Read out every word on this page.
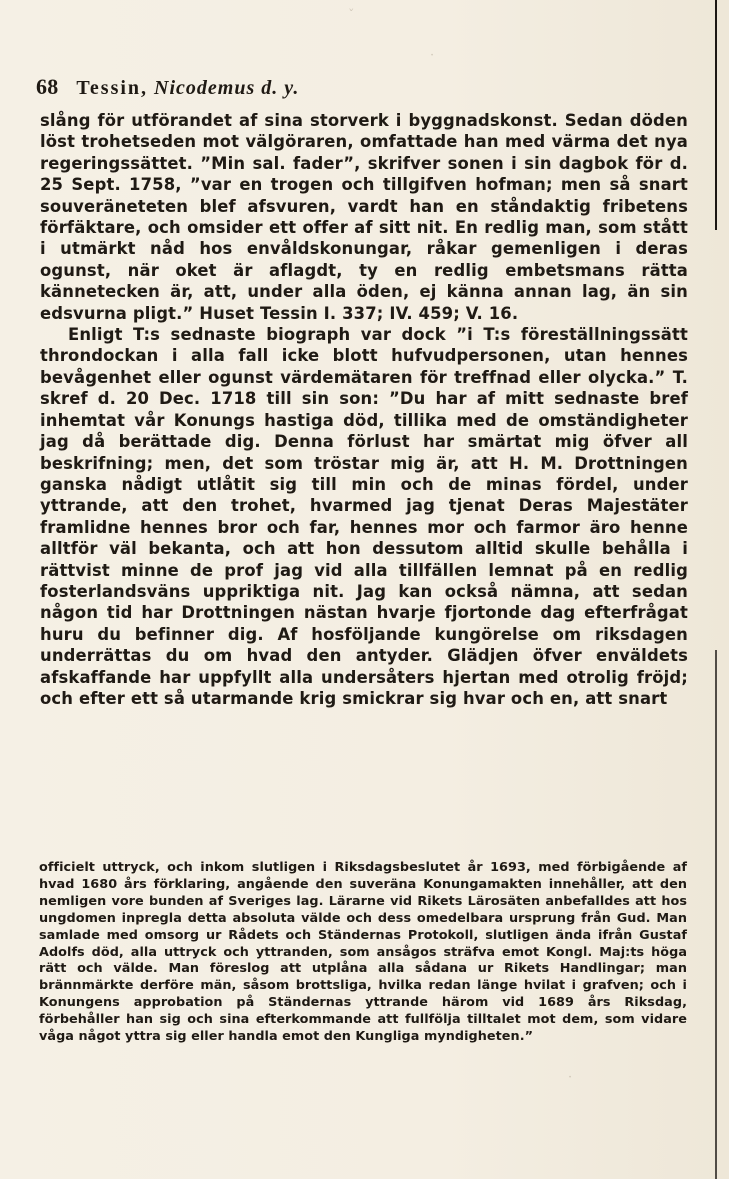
ˇ
·
·
68 Tessin, Nicodemus d. y.

slång för utförandet af sina storverk i byggnadskonst. Sedan döden löst trohetseden mot välgöraren, omfattade han med värma det nya regeringssättet. ”Min sal. fader”, skrifver sonen i sin dagbok för d. 25 Sept. 1758, ”var en trogen och tillgifven hofman; men så snart souveräneteten blef afsvuren, vardt han en ståndaktig fribetens förfäktare, och omsider ett offer af sitt nit. En redlig man, som stått i utmärkt nåd hos envåldskonungar, råkar gemenligen i deras ogunst, när oket är aflagdt, ty en redlig embetsmans rätta kännetecken är, att, under alla öden, ej känna annan lag, än sin edsvurna pligt.” Huset Tessin I. 337; IV. 459; V. 16.

Enligt T:s sednaste biograph var dock ”i T:s föreställningssätt throndockan i alla fall icke blott hufvudpersonen, utan hennes bevågenhet eller ogunst värdemätaren för treffnad eller olycka.” T. skref d. 20 Dec. 1718 till sin son: ”Du har af mitt sednaste bref inhemtat vår Konungs hastiga död, tillika med de omständigheter jag då berättade dig. Denna förlust har smärtat mig öfver all beskrifning; men, det som tröstar mig är, att H. M. Drottningen ganska nådigt utlåtit sig till min och de minas fördel, under yttrande, att den trohet, hvarmed jag tjenat Deras Majestäter framlidne hennes bror och far, hennes mor och farmor äro henne alltför väl bekanta, och att hon dessutom alltid skulle behålla i rättvist minne de prof jag vid alla tillfällen lemnat på en redlig fosterlandsväns uppriktiga nit. Jag kan också nämna, att sedan någon tid har Drottningen nästan hvarje fjortonde dag efterfrågat huru du befinner dig. Af hosföljande kungörelse om riksdagen underrättas du om hvad den antyder. Glädjen öfver enväldets afskaffande har uppfyllt alla undersåters hjertan med otrolig fröjd; och efter ett så utarmande krig smickrar sig hvar och en, att snart

officielt uttryck, och inkom slutligen i Riksdagsbeslutet år 1693, med förbigående af hvad 1680 års förklaring, angående den suveräna Konungamakten innehåller, att den nemligen vore bunden af Sveriges lag. Lärarne vid Rikets Lärosäten anbefalldes att hos ungdomen inpregla detta absoluta välde och dess omedelbara ursprung från Gud. Man samlade med omsorg ur Rådets och Ständernas Protokoll, slutligen ända ifrån Gustaf Adolfs död, alla uttryck och yttranden, som ansågos sträfva emot Kongl. Maj:ts höga rätt och välde. Man föreslog att utplåna alla sådana ur Rikets Handlingar; man brännmärkte derföre män, såsom brottsliga, hvilka redan länge hvilat i grafven; och i Konungens approbation på Ständernas yttrande härom vid 1689 års Riksdag, förbehåller han sig och sina efterkommande att fullfölja tilltalet mot dem, som vidare våga något yttra sig eller handla emot den Kungliga myndigheten.”
